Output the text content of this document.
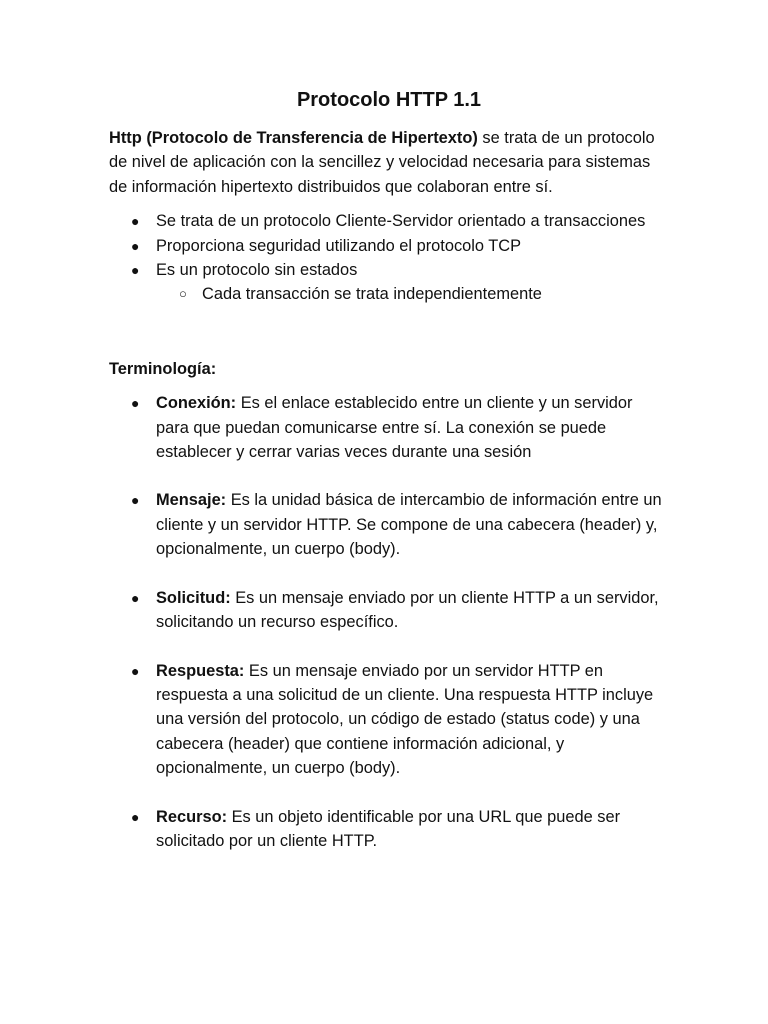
Protocolo HTTP 1.1

Http (Protocolo de Transferencia de Hipertexto) se trata de un protocolo de nivel de aplicación con la sencillez y velocidad necesaria para sistemas de información hipertexto distribuidos que colaboran entre sí.

● Se trata de un protocolo Cliente-Servidor orientado a transacciones
● Proporciona seguridad utilizando el protocolo TCP
● Es un protocolo sin estados
○ Cada transacción se trata independientemente
Terminología:
● Conexión: Es el enlace establecido entre un cliente y un servidor para que puedan comunicarse entre sí. La conexión se puede establecer y cerrar varias veces durante una sesión
● Mensaje: Es la unidad básica de intercambio de información entre un cliente y un servidor HTTP. Se compone de una cabecera (header) y, opcionalmente, un cuerpo (body).
● Solicitud: Es un mensaje enviado por un cliente HTTP a un servidor, solicitando un recurso específico.
● Respuesta: Es un mensaje enviado por un servidor HTTP en respuesta a una solicitud de un cliente. Una respuesta HTTP incluye una versión del protocolo, un código de estado (status code) y una cabecera (header) que contiene información adicional, y opcionalmente, un cuerpo (body).
● Recurso: Es un objeto identificable por una URL que puede ser solicitado por un cliente HTTP.
